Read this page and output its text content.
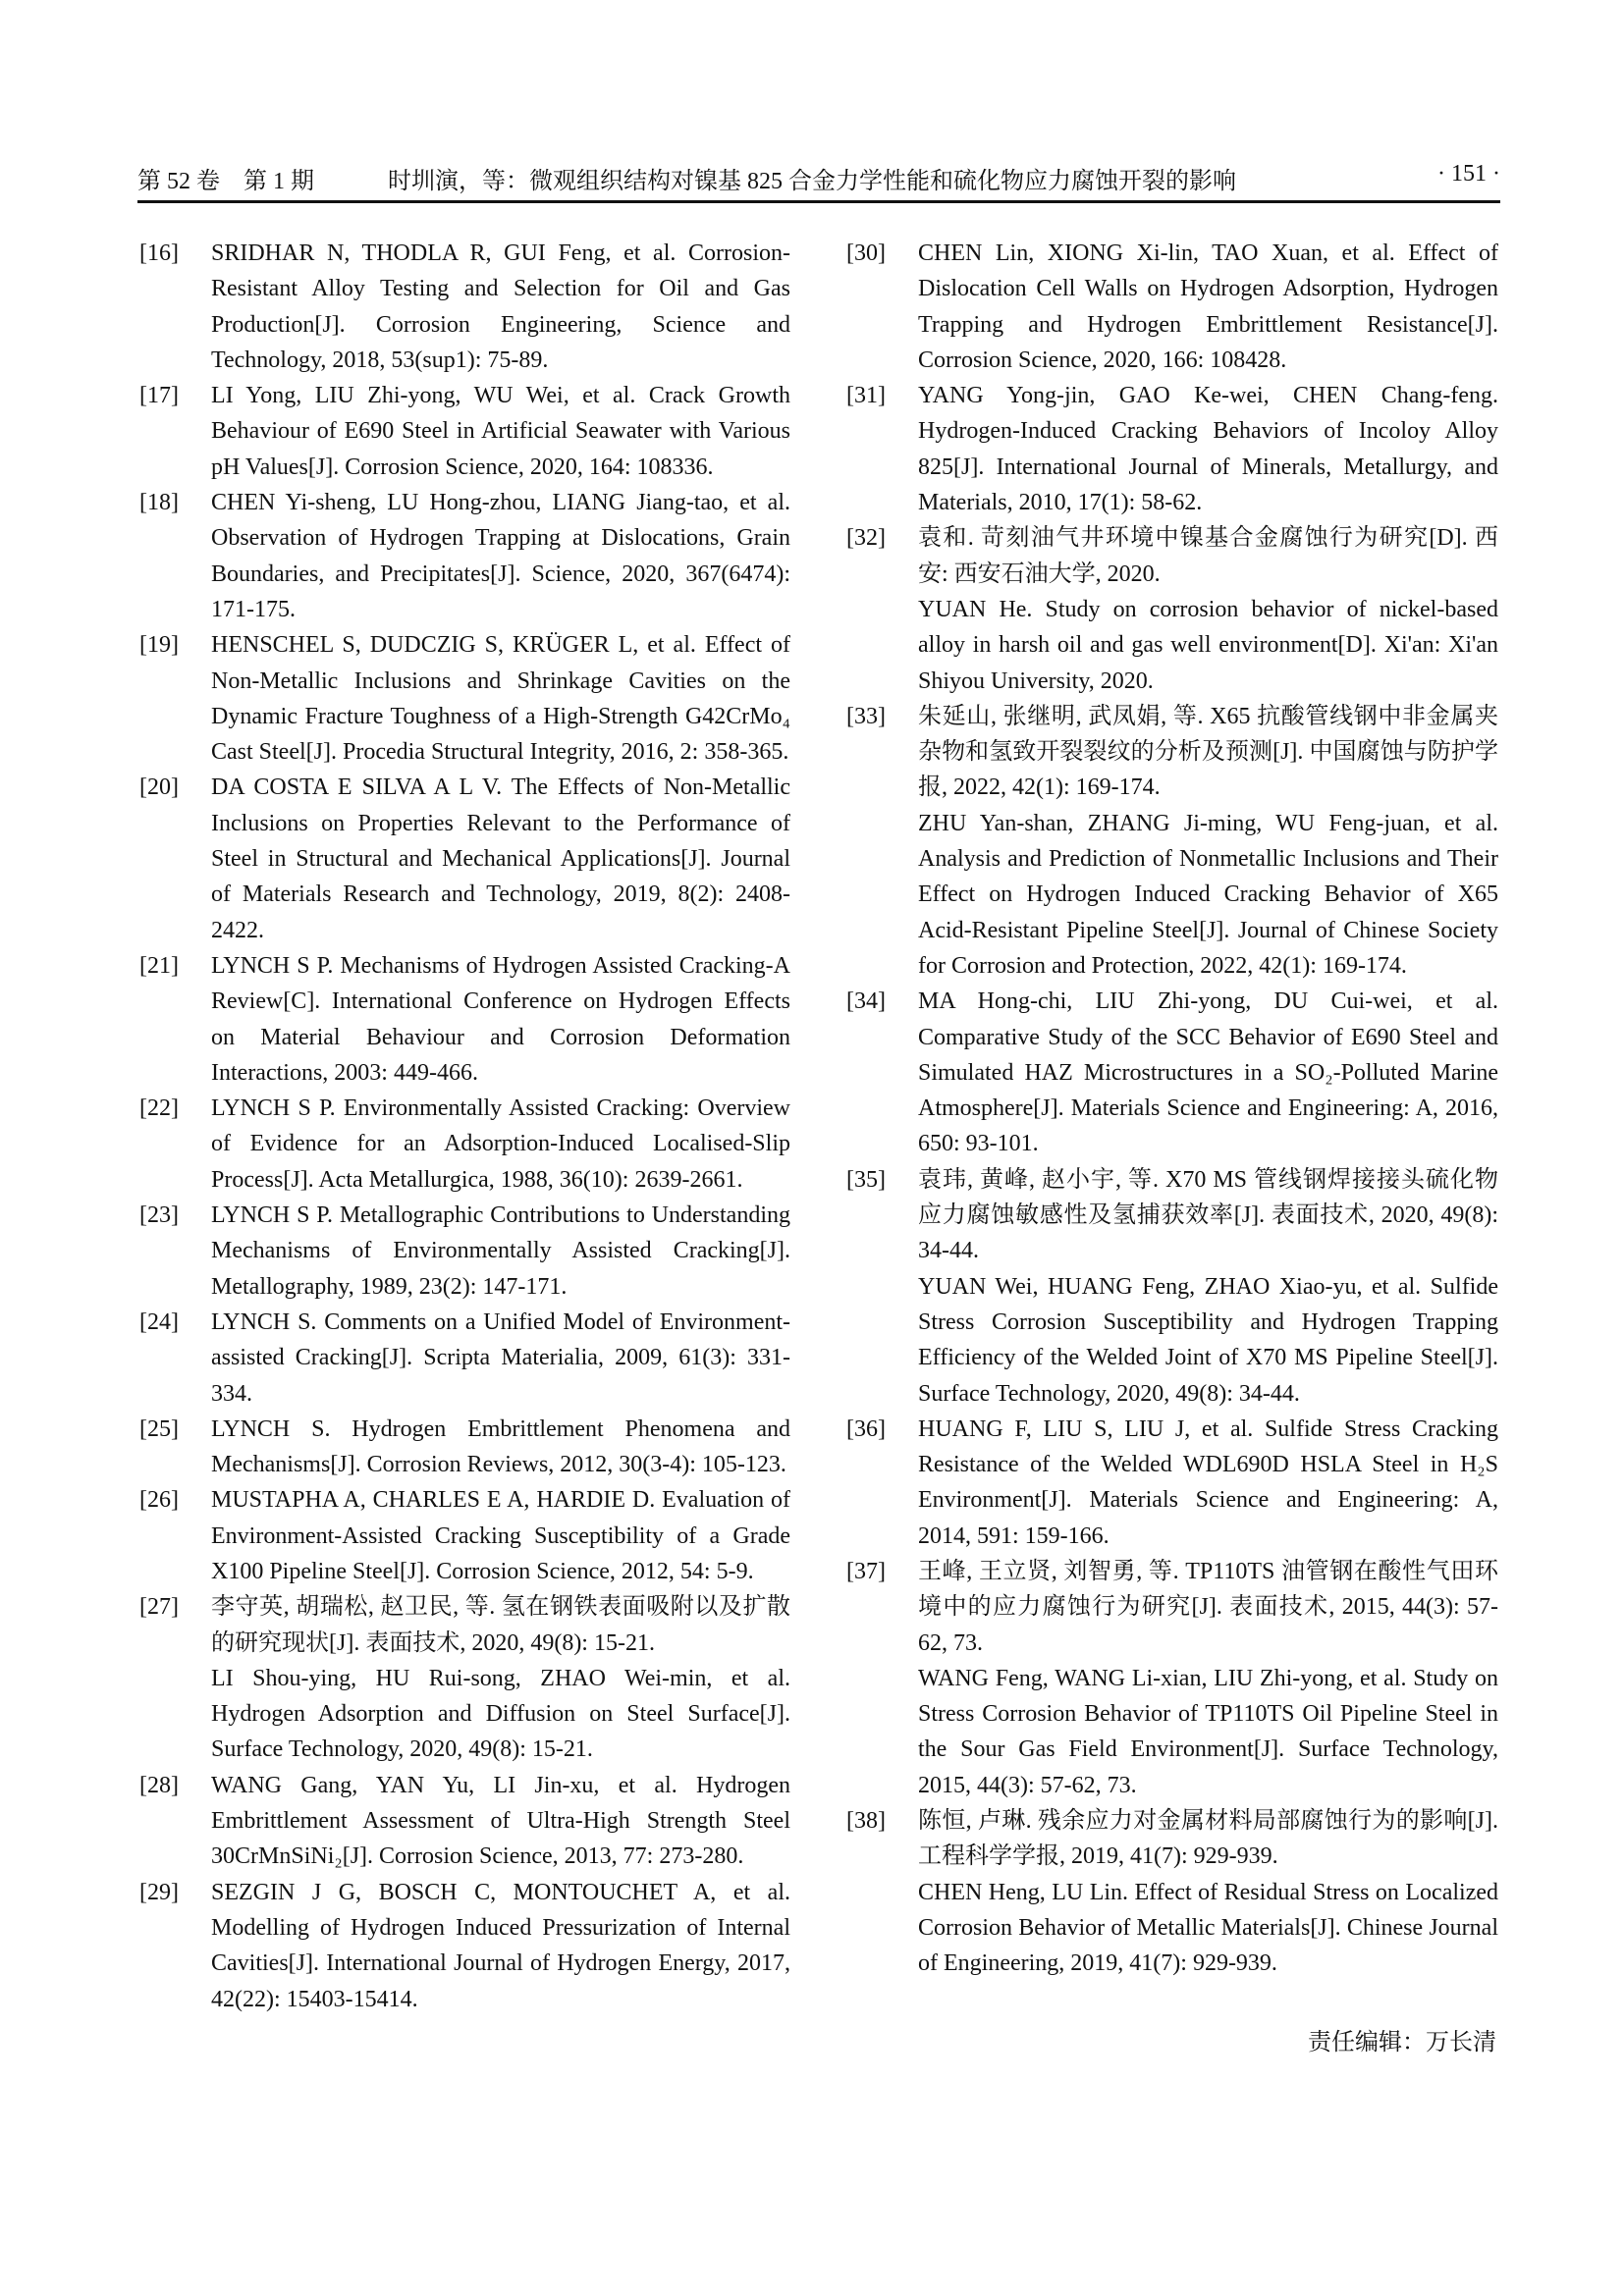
第 52 卷　第 1 期	时圳演，等：微观组织结构对镍基 825 合金力学性能和硫化物应力腐蚀开裂的影响	· 151 ·
[16]	SRIDHAR N, THODLA R, GUI Feng, et al. Corrosion-Resistant Alloy Testing and Selection for Oil and Gas Production[J]. Corrosion Engineering, Science and Technology, 2018, 53(sup1): 75-89.

[17]	LI Yong, LIU Zhi-yong, WU Wei, et al. Crack Growth Behaviour of E690 Steel in Artificial Seawater with Various pH Values[J]. Corrosion Science, 2020, 164: 108336.

[18]	CHEN Yi-sheng, LU Hong-zhou, LIANG Jiang-tao, et al. Observation of Hydrogen Trapping at Dislocations, Grain Boundaries, and Precipitates[J]. Science, 2020, 367(6474): 171-175.

[19]	HENSCHEL S, DUDCZIG S, KRÜGER L, et al. Effect of Non-Metallic Inclusions and Shrinkage Cavities on the Dynamic Fracture Toughness of a High-Strength G42CrMo₄ Cast Steel[J]. Procedia Structural Integrity, 2016, 2: 358-365.

[20]	DA COSTA E SILVA A L V. The Effects of Non-Metallic Inclusions on Properties Relevant to the Performance of Steel in Structural and Mechanical Applications[J]. Journal of Materials Research and Technology, 2019, 8(2): 2408-2422.

[21]	LYNCH S P. Mechanisms of Hydrogen Assisted Cracking-A Review[C]. International Conference on Hydrogen Effects on Material Behaviour and Corrosion Deformation Interactions, 2003: 449-466.

[22]	LYNCH S P. Environmentally Assisted Cracking: Overview of Evidence for an Adsorption-Induced Localised-Slip Process[J]. Acta Metallurgica, 1988, 36(10): 2639-2661.

[23]	LYNCH S P. Metallographic Contributions to Understanding Mechanisms of Environmentally Assisted Cracking[J]. Metallography, 1989, 23(2): 147-171.

[24]	LYNCH S. Comments on a Unified Model of Environment-assisted Cracking[J]. Scripta Materialia, 2009, 61(3): 331-334.

[25]	LYNCH S. Hydrogen Embrittlement Phenomena and Mechanisms[J]. Corrosion Reviews, 2012, 30(3-4): 105-123.

[26]	MUSTAPHA A, CHARLES E A, HARDIE D. Evaluation of Environment-Assisted Cracking Susceptibility of a Grade X100 Pipeline Steel[J]. Corrosion Science, 2012, 54: 5-9.

[27]	李守英, 胡瑞松, 赵卫民, 等. 氢在钢铁表面吸附以及扩散的研究现状[J]. 表面技术, 2020, 49(8): 15-21.

LI Shou-ying, HU Rui-song, ZHAO Wei-min, et al. Hydrogen Adsorption and Diffusion on Steel Surface[J]. Surface Technology, 2020, 49(8): 15-21.

[28]	WANG Gang, YAN Yu, LI Jin-xu, et al. Hydrogen Embrittlement Assessment of Ultra-High Strength Steel 30CrMnSiNi₂[J]. Corrosion Science, 2013, 77: 273-280.

[29]	SEZGIN J G, BOSCH C, MONTOUCHET A, et al. Modelling of Hydrogen Induced Pressurization of Internal Cavities[J]. International Journal of Hydrogen Energy, 2017, 42(22): 15403-15414.

[30]	CHEN Lin, XIONG Xi-lin, TAO Xuan, et al. Effect of Dislocation Cell Walls on Hydrogen Adsorption, Hydrogen Trapping and Hydrogen Embrittlement Resistance[J]. Corrosion Science, 2020, 166: 108428.

[31]	YANG Yong-jin, GAO Ke-wei, CHEN Chang-feng. Hydrogen-Induced Cracking Behaviors of Incoloy Alloy 825[J]. International Journal of Minerals, Metallurgy, and Materials, 2010, 17(1): 58-62.

[32]	袁和. 苛刻油气井环境中镍基合金腐蚀行为研究[D]. 西安: 西安石油大学, 2020.

YUAN He. Study on corrosion behavior of nickel-based alloy in harsh oil and gas well environment[D]. Xi'an: Xi'an Shiyou University, 2020.

[33]	朱延山, 张继明, 武凤娟, 等. X65 抗酸管线钢中非金属夹杂物和氢致开裂裂纹的分析及预测[J]. 中国腐蚀与防护学报, 2022, 42(1): 169-174.

ZHU Yan-shan, ZHANG Ji-ming, WU Feng-juan, et al. Analysis and Prediction of Nonmetallic Inclusions and Their Effect on Hydrogen Induced Cracking Behavior of X65 Acid-Resistant Pipeline Steel[J]. Journal of Chinese Society for Corrosion and Protection, 2022, 42(1): 169-174.

[34]	MA Hong-chi, LIU Zhi-yong, DU Cui-wei, et al. Comparative Study of the SCC Behavior of E690 Steel and Simulated HAZ Microstructures in a SO₂-Polluted Marine Atmosphere[J]. Materials Science and Engineering: A, 2016, 650: 93-101.

[35]	袁玮, 黄峰, 赵小宇, 等. X70 MS 管线钢焊接接头硫化物应力腐蚀敏感性及氢捕获效率[J]. 表面技术, 2020, 49(8): 34-44.

YUAN Wei, HUANG Feng, ZHAO Xiao-yu, et al. Sulfide Stress Corrosion Susceptibility and Hydrogen Trapping Efficiency of the Welded Joint of X70 MS Pipeline Steel[J]. Surface Technology, 2020, 49(8): 34-44.

[36]	HUANG F, LIU S, LIU J, et al. Sulfide Stress Cracking Resistance of the Welded WDL690D HSLA Steel in H₂S Environment[J]. Materials Science and Engineering: A, 2014, 591: 159-166.

[37]	王峰, 王立贤, 刘智勇, 等. TP110TS 油管钢在酸性气田环境中的应力腐蚀行为研究[J]. 表面技术, 2015, 44(3): 57-62, 73.

WANG Feng, WANG Li-xian, LIU Zhi-yong, et al. Study on Stress Corrosion Behavior of TP110TS Oil Pipeline Steel in the Sour Gas Field Environment[J]. Surface Technology, 2015, 44(3): 57-62, 73.

[38]	陈恒, 卢琳. 残余应力对金属材料局部腐蚀行为的影响[J]. 工程科学学报, 2019, 41(7): 929-939.

CHEN Heng, LU Lin. Effect of Residual Stress on Localized Corrosion Behavior of Metallic Materials[J]. Chinese Journal of Engineering, 2019, 41(7): 929-939.

责任编辑：万长清
